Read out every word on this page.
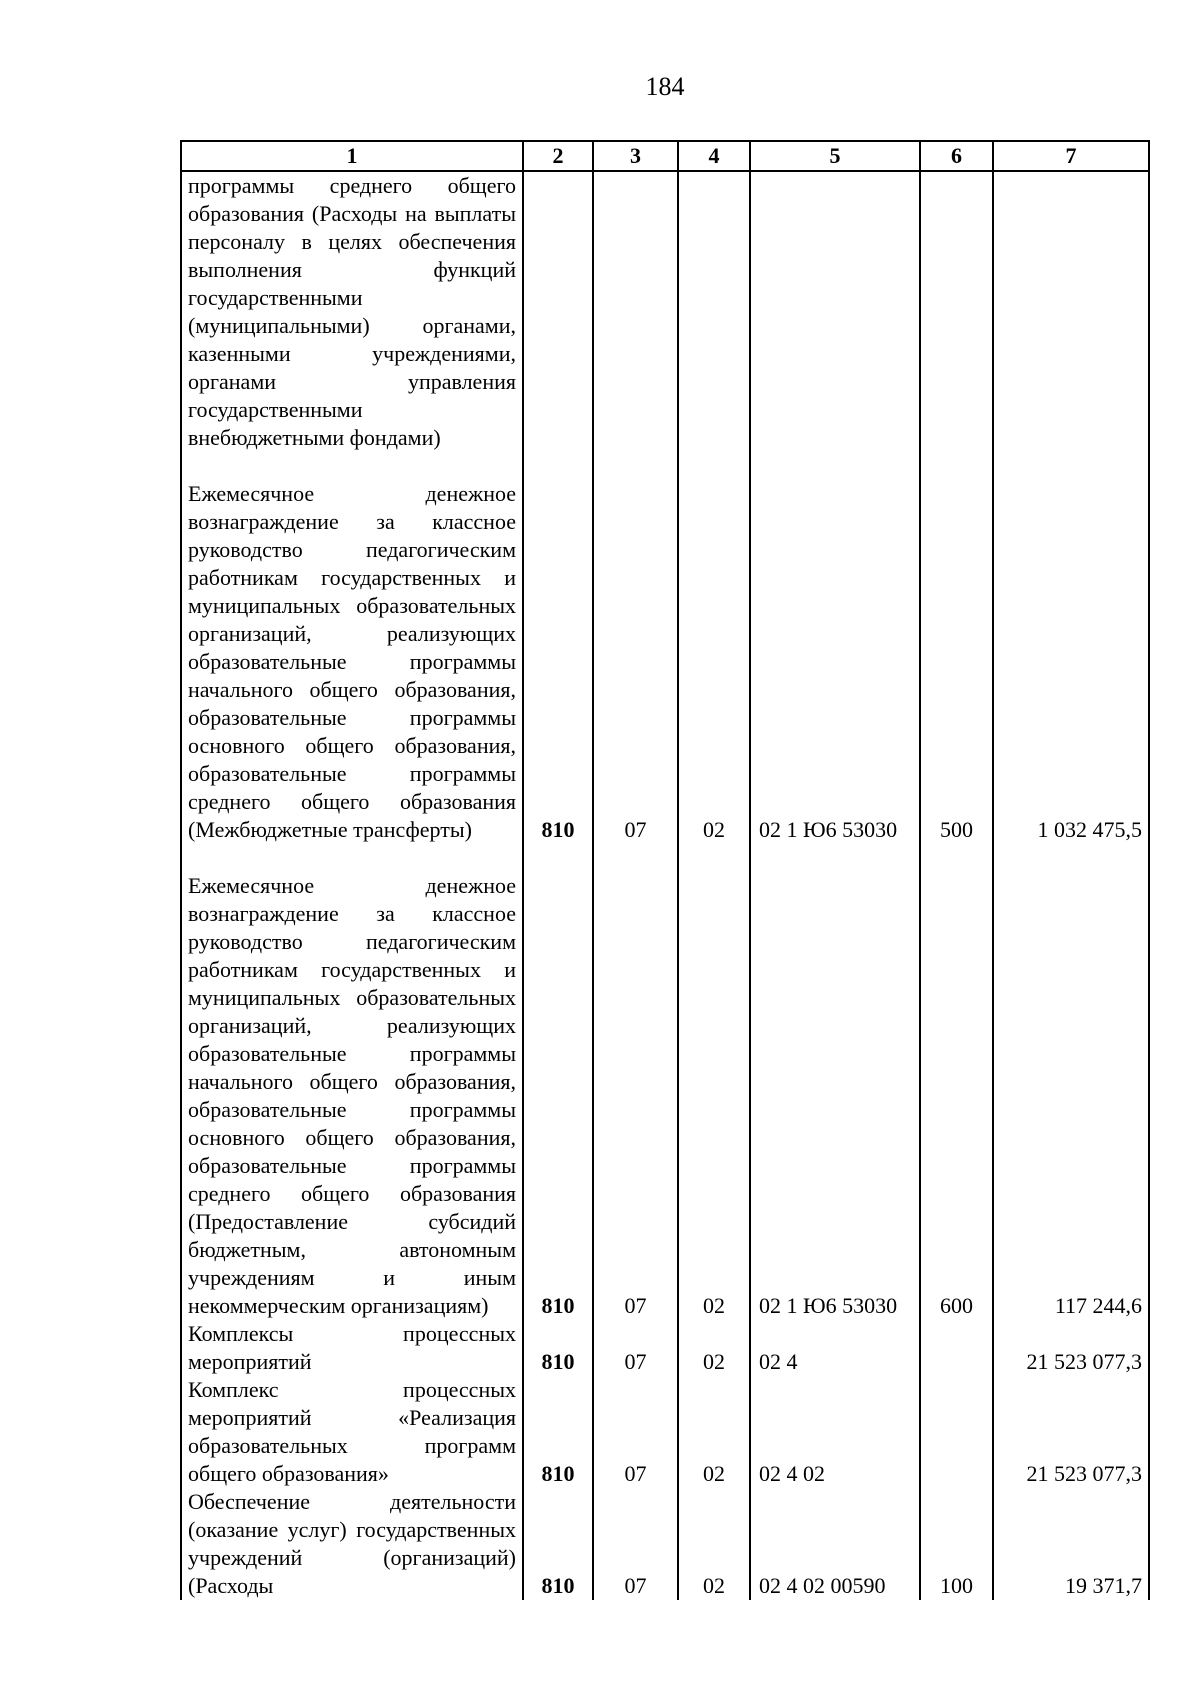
184
1	2	3	4	5	6	7
программы среднего общего образования (Расходы на выплаты персоналу в целях обеспечения выполнения функций государственными (муниципальными) органами, казенными учреждениями, органами управления государственными внебюджетными фондами)						
Ежемесячное денежное вознаграждение за классное руководство педагогическим работникам государственных и муниципальных образовательных организаций, реализующих образовательные программы начального общего образования, образовательные программы основного общего образования, образовательные программы среднего общего образования (Межбюджетные трансферты)	810	07	02	02 1 Ю6 53030	500	1 032 475,5
Ежемесячное денежное вознаграждение за классное руководство педагогическим работникам государственных и муниципальных образовательных организаций, реализующих образовательные программы начального общего образования, образовательные программы основного общего образования, образовательные программы среднего общего образования (Предоставление субсидий бюджетным, автономным учреждениям и иным некоммерческим организациям)	810	07	02	02 1 Ю6 53030	600	117 244,6
Комплексы процессных мероприятий	810	07	02	02 4		21 523 077,3
Комплекс процессных мероприятий «Реализация образовательных программ общего образования»	810	07	02	02 4 02		21 523 077,3
Обеспечение деятельности (оказание услуг) государственных учреждений (организаций) (Расходы	810	07	02	02 4 02 00590	100	19 371,7
